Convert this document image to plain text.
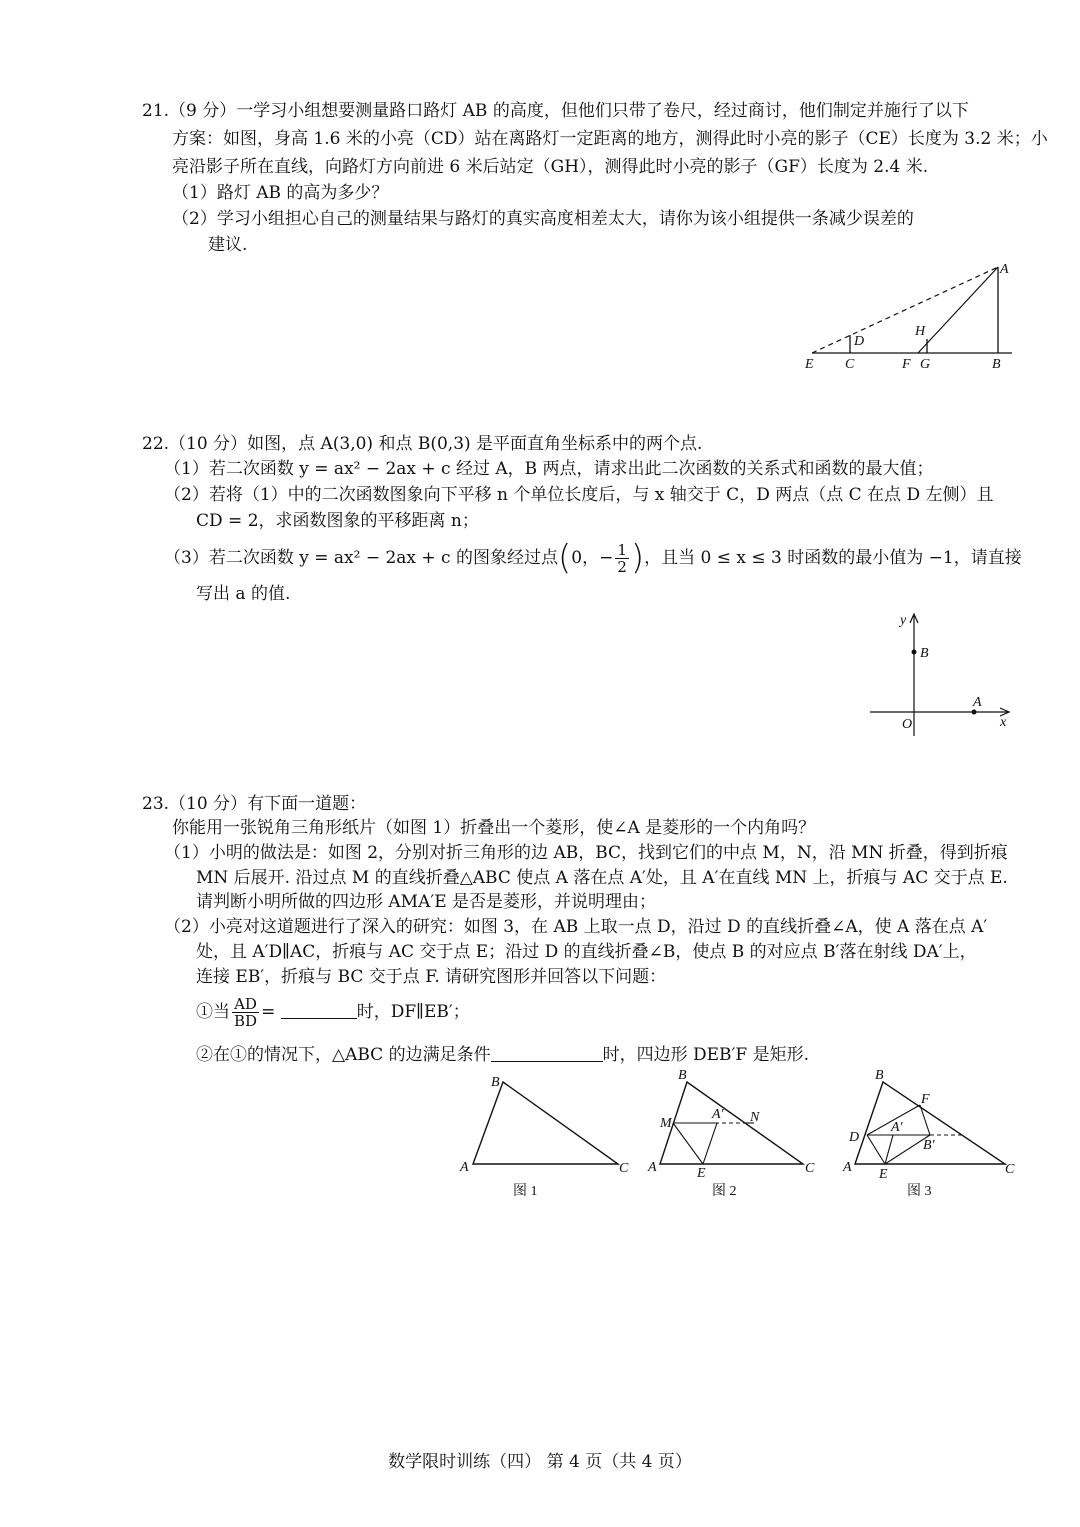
21.（9 分）一学习小组想要测量路口路灯 AB 的高度，但他们只带了卷尺，经过商讨，他们制定并施行了以下
方案：如图，身高 1.6 米的小亮（CD）站在离路灯一定距离的地方，测得此时小亮的影子（CE）长度为 3.2 米；小
亮沿影子所在直线，向路灯方向前进 6 米后站定（GH），测得此时小亮的影子（GF）长度为 2.4 米.
（1）路灯 AB 的高为多少？
（2）学习小组担心自己的测量结果与路灯的真实高度相差太大，请你为该小组提供一条减少误差的
建议.
E C
D
F G
H
B
A
22.（10 分）如图，点 A(3,0) 和点 B(0,3) 是平面直角坐标系中的两个点.
（1）若二次函数 y = ax² − 2ax + c 经过 A，B 两点，请求出此二次函数的关系式和函数的最大值；
（2）若将（1）中的二次函数图象向下平移 n 个单位长度后，与 x 轴交于 C，D 两点（点 C 在点 D 左侧）且
CD = 2，求函数图象的平移距离 n；
（3）若二次函数 y = ax² − 2ax + c 的图象经过点(0，− $\frac{1}{2}$ )，且当 0 ≤ x ≤ 3 时函数的最小值为 −1，请直接
写出 a 的值.
y
B
A
O	x
23.（10 分）有下面一道题：
你能用一张锐角三角形纸片（如图 1）折叠出一个菱形，使∠A 是菱形的一个内角吗？
（1）小明的做法是：如图 2，分别对折三角形的边 AB，BC，找到它们的中点 M，N，沿 MN 折叠，得到折痕
MN 后展开. 沿过点 M 的直线折叠△ABC 使点 A 落在点 A′处，且 A′在直线 MN 上，折痕与 AC 交于点 E.
请判断小明所做的四边形 AMA′E 是否是菱形，并说明理由；
（2）小亮对这道题进行了深入的研究：如图 3，在 AB 上取一点 D，沿过 D 的直线折叠∠A，使 A 落在点 A′
处，且 A′D∥AC，折痕与 AC 交于点 E；沿过 D 的直线折叠∠B，使点 B 的对应点 B′落在射线 DA′上，
连接 EB′，折痕与 BC 交于点 F. 请研究图形并回答以下问题：
①当 $\frac{AD}{BD}$ =	时，DF∥EB′；
②在①的情况下，△ABC 的边满足条件	时，四边形 DEB′F 是矩形.
A
B
C
图 1
A
B
C
M	N
A′
E
图 2
A
B
C
D
E
F
A′
B′
图 3
数学限时训练（四） 第 4 页（共 4 页）
